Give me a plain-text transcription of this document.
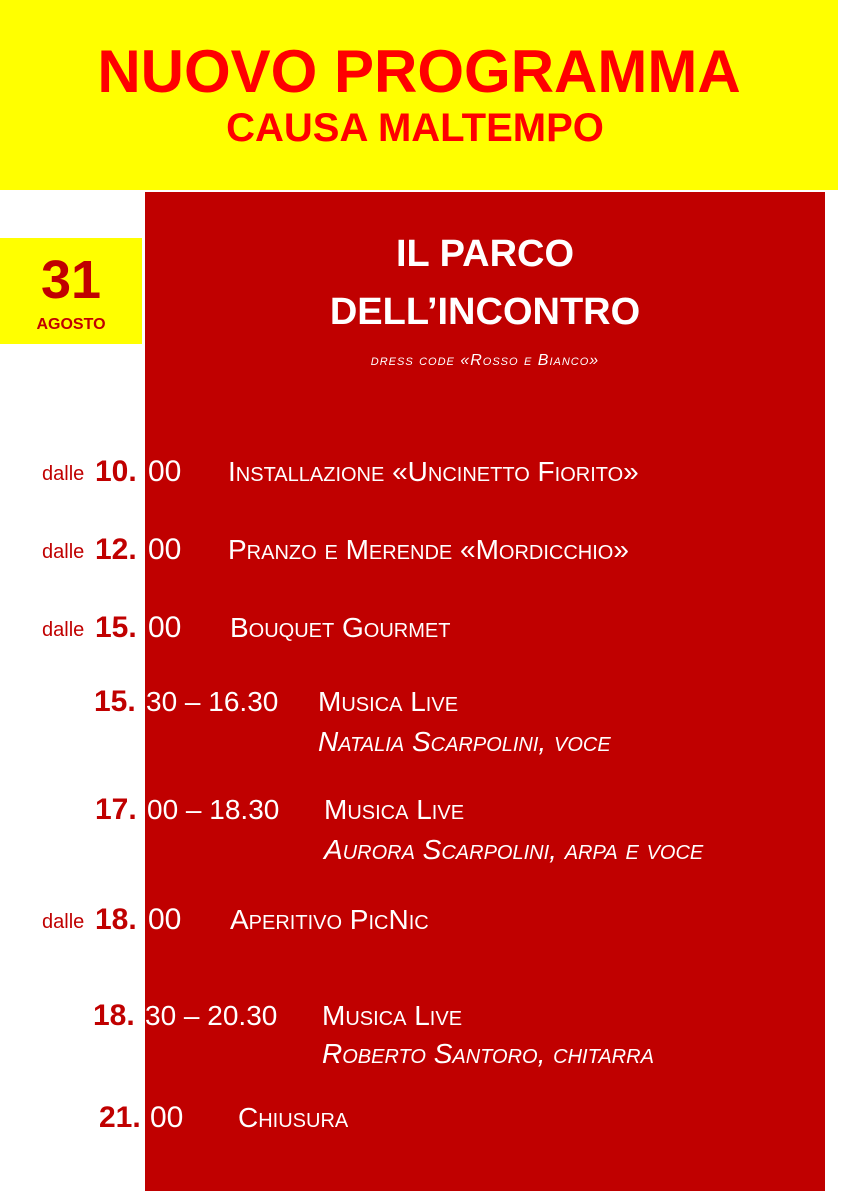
NUOVO PROGRAMMA
CAUSA MALTEMPO
31
AGOSTO
IL PARCO
DELL’INCONTRO
dress code «Rosso e Bianco»
dalle 10. 00 Installazione «Uncinetto Fiorito»
dalle 12. 00 Pranzo e Merende «Mordicchio»
dalle 15. 00 Bouquet Gourmet
15. 30 – 16.30 Musica Live
Natalia Scarpolini, voce
17. 00 – 18.30 Musica Live
Aurora Scarpolini, arpa e voce
dalle 18. 00 Aperitivo PicNic
18. 30 – 20.30 Musica Live
Roberto Santoro, chitarra
21. 00 Chiusura
